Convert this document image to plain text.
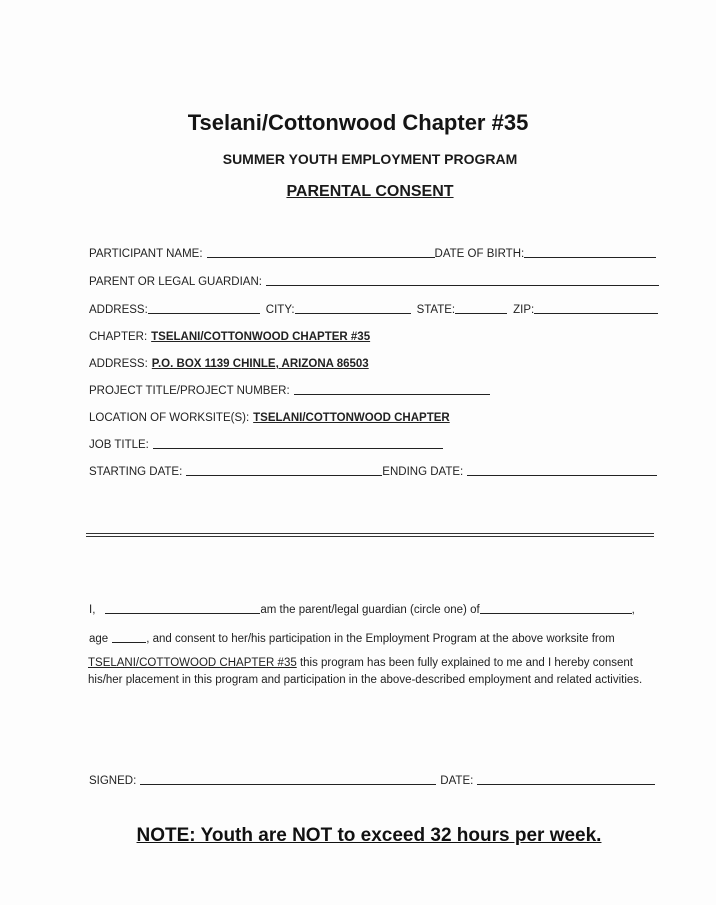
Tselani/Cottonwood Chapter #35
SUMMER YOUTH EMPLOYMENT PROGRAM
PARENTAL CONSENT
PARTICIPANT NAME:	DATE OF BIRTH:
PARENT OR LEGAL GUARDIAN:
ADDRESS:	CITY:	STATE:	ZIP:
CHAPTER: TSELANI/COTTONWOOD CHAPTER #35
ADDRESS: P.O. BOX 1139 CHINLE, ARIZONA 86503
PROJECT TITLE/PROJECT NUMBER:
LOCATION OF WORKSITE(S): TSELANI/COTTONWOOD CHAPTER
JOB TITLE:
STARTING DATE:	ENDING DATE:
I,	am the parent/legal guardian (circle one) of	,
age	, and consent to her/his participation in the Employment Program at the above worksite from
TSELANI/COTTOWOOD CHAPTER #35 this program has been fully explained to me and I hereby consent his/her placement in this program and participation in the above-described employment and related activities.
SIGNED:	DATE:
NOTE: Youth are NOT to exceed 32 hours per week.
